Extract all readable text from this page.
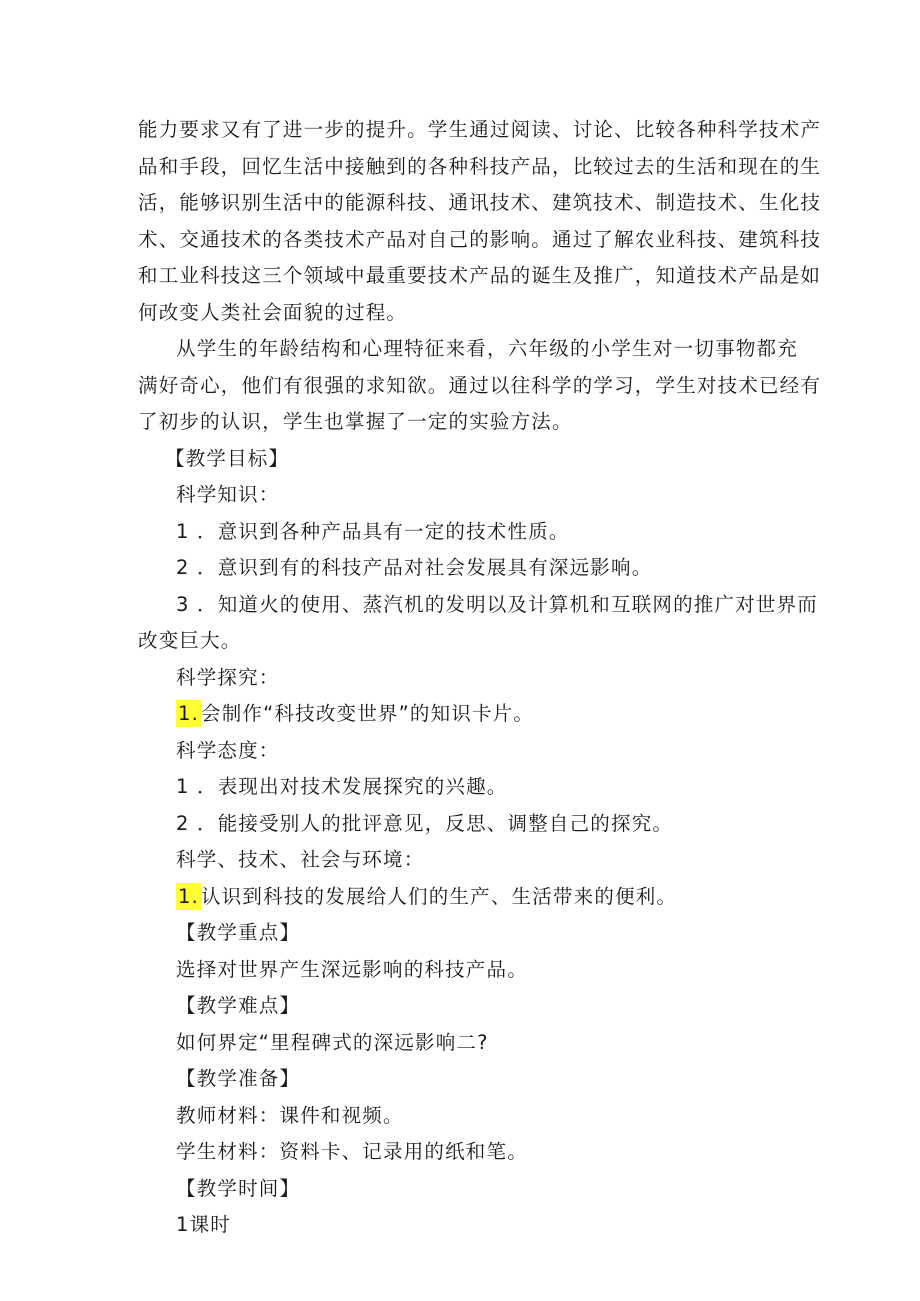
能力要求又有了进一步的提升。学生通过阅读、讨论、比较各种科学技术产
品和手段，回忆生活中接触到的各种科技产品，比较过去的生活和现在的生
活，能够识别生活中的能源科技、通讯技术、建筑技术、制造技术、生化技
术、交通技术的各类技术产品对自己的影响。通过了解农业科技、建筑科技
和工业科技这三个领域中最重要技术产品的诞生及推广，知道技术产品是如
何改变人类社会面貌的过程。
从学生的年龄结构和心理特征来看，六年级的小学生对一切事物都充
满好奇心，他们有很强的求知欲。通过以往科学的学习，学生对技术已经有
了初步的认识，学生也掌握了一定的实验方法。
【教学目标】
科学知识：
1 ．意识到各种产品具有一定的技术性质。
2 ．意识到有的科技产品对社会发展具有深远影响。
3 ．知道火的使用、蒸汽机的发明以及计算机和互联网的推广对世界而
改变巨大。
科学探究：
1. 会制作“科技改变世界”的知识卡片。
科学态度：
1 ．表现出对技术发展探究的兴趣。
2 ．能接受别人的批评意见，反思、调整自己的探究。
科学、技术、社会与环境：
1. 认识到科技的发展给人们的生产、生活带来的便利。
【教学重点】
选择对世界产生深远影响的科技产品。
【教学难点】
如何界定“里程碑式的深远影响二?
【教学准备】
教师材料：课件和视频。
学生材料：资料卡、记录用的纸和笔。
【教学时间】
1课时
